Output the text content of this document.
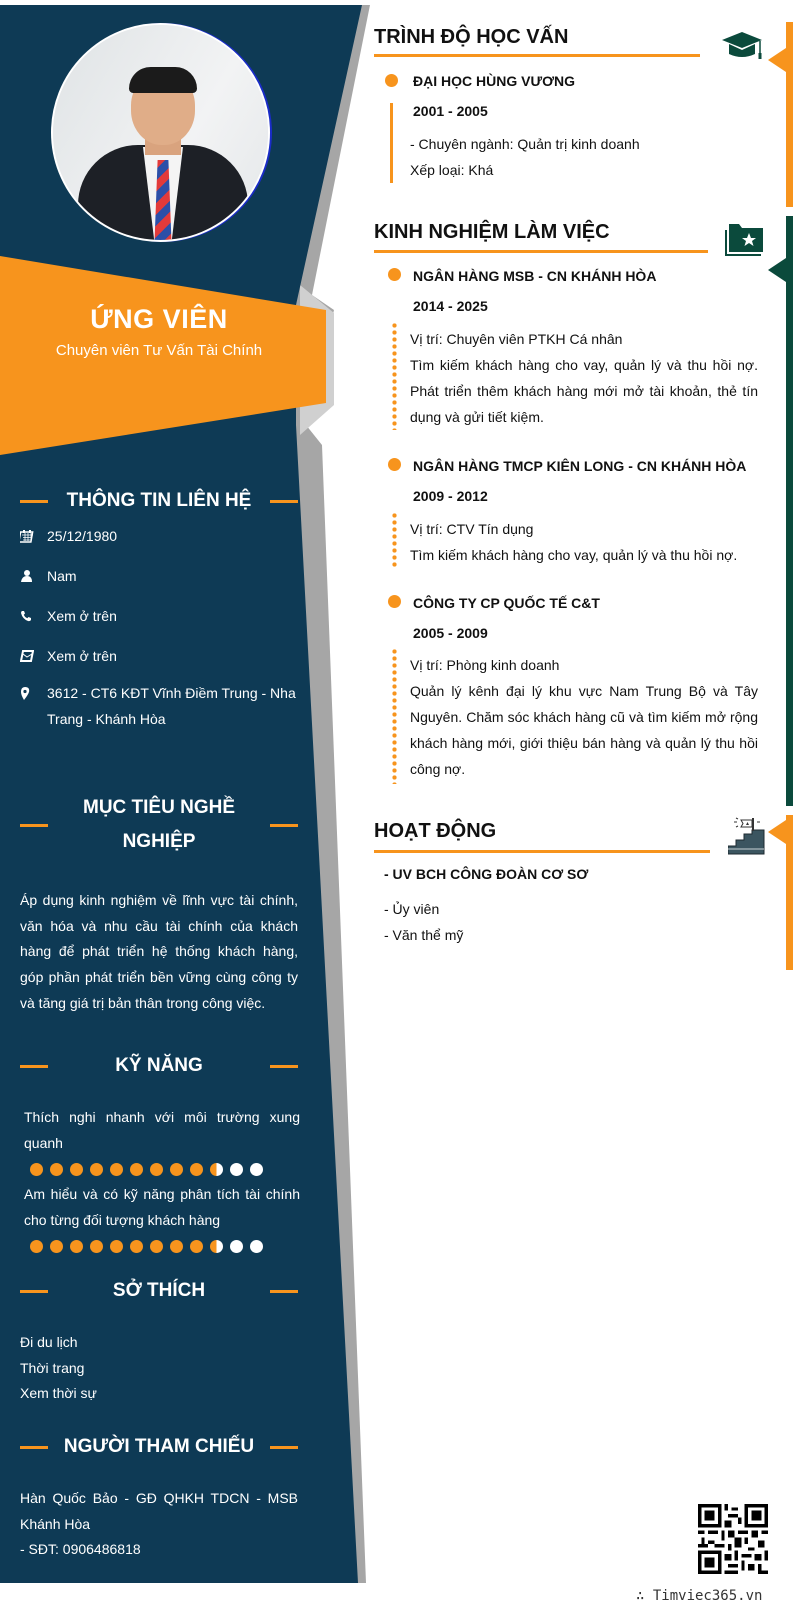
ỨNG VIÊN
Chuyên viên Tư Vấn Tài Chính
THÔNG TIN LIÊN HỆ
25/12/1980
Nam
Xem ở trên
Xem ở trên
3612 - CT6 KĐT Vĩnh Điềm Trung - Nha Trang - Khánh Hòa
MỤC TIÊU NGHỀ NGHIỆP
Áp dụng kinh nghiệm về lĩnh vực tài chính, văn hóa và nhu cầu tài chính của khách hàng để phát triển hệ thống khách hàng, góp phần phát triển bền vững cùng công ty và tăng giá trị bản thân trong công việc.
KỸ NĂNG
Thích nghi nhanh với môi trường xung quanh
Am hiểu và có kỹ năng phân tích tài chính cho từng đối tượng khách hàng
SỞ THÍCH
Đi du lịch
Thời trang
Xem thời sự
NGƯỜI THAM CHIẾU
Hàn Quốc Bảo - GĐ QHKH TDCN - MSB Khánh Hòa
- SĐT: 0906486818
TRÌNH ĐỘ HỌC VẤN
ĐẠI HỌC HÙNG VƯƠNG
2001 - 2005
- Chuyên ngành: Quản trị kinh doanh
Xếp loại: Khá
KINH NGHIỆM LÀM VIỆC
NGÂN HÀNG MSB - CN KHÁNH HÒA
2014 - 2025
Vị trí: Chuyên viên PTKH Cá nhân
Tìm kiếm khách hàng cho vay, quản lý và thu hồi nợ. Phát triển thêm khách hàng mới mở tài khoản, thẻ tín dụng và gửi tiết kiệm.
NGÂN HÀNG TMCP KIÊN LONG - CN KHÁNH HÒA
2009 - 2012
Vị trí: CTV Tín dụng
Tìm kiếm khách hàng cho vay, quản lý và thu hồi nợ.
CÔNG TY CP QUỐC TẾ C&T
2005 - 2009
Vị trí: Phòng kinh doanh
Quản lý kênh đại lý khu vực Nam Trung Bộ và Tây Nguyên. Chăm sóc khách hàng cũ và tìm kiếm mở rộng khách hàng mới, giới thiệu bán hàng và quản lý thu hồi công nợ.
HOẠT ĐỘNG
- UV BCH CÔNG ĐOÀN CƠ SƠ
- Ủy viên
- Văn thể mỹ
∴ Timviec365.vn
